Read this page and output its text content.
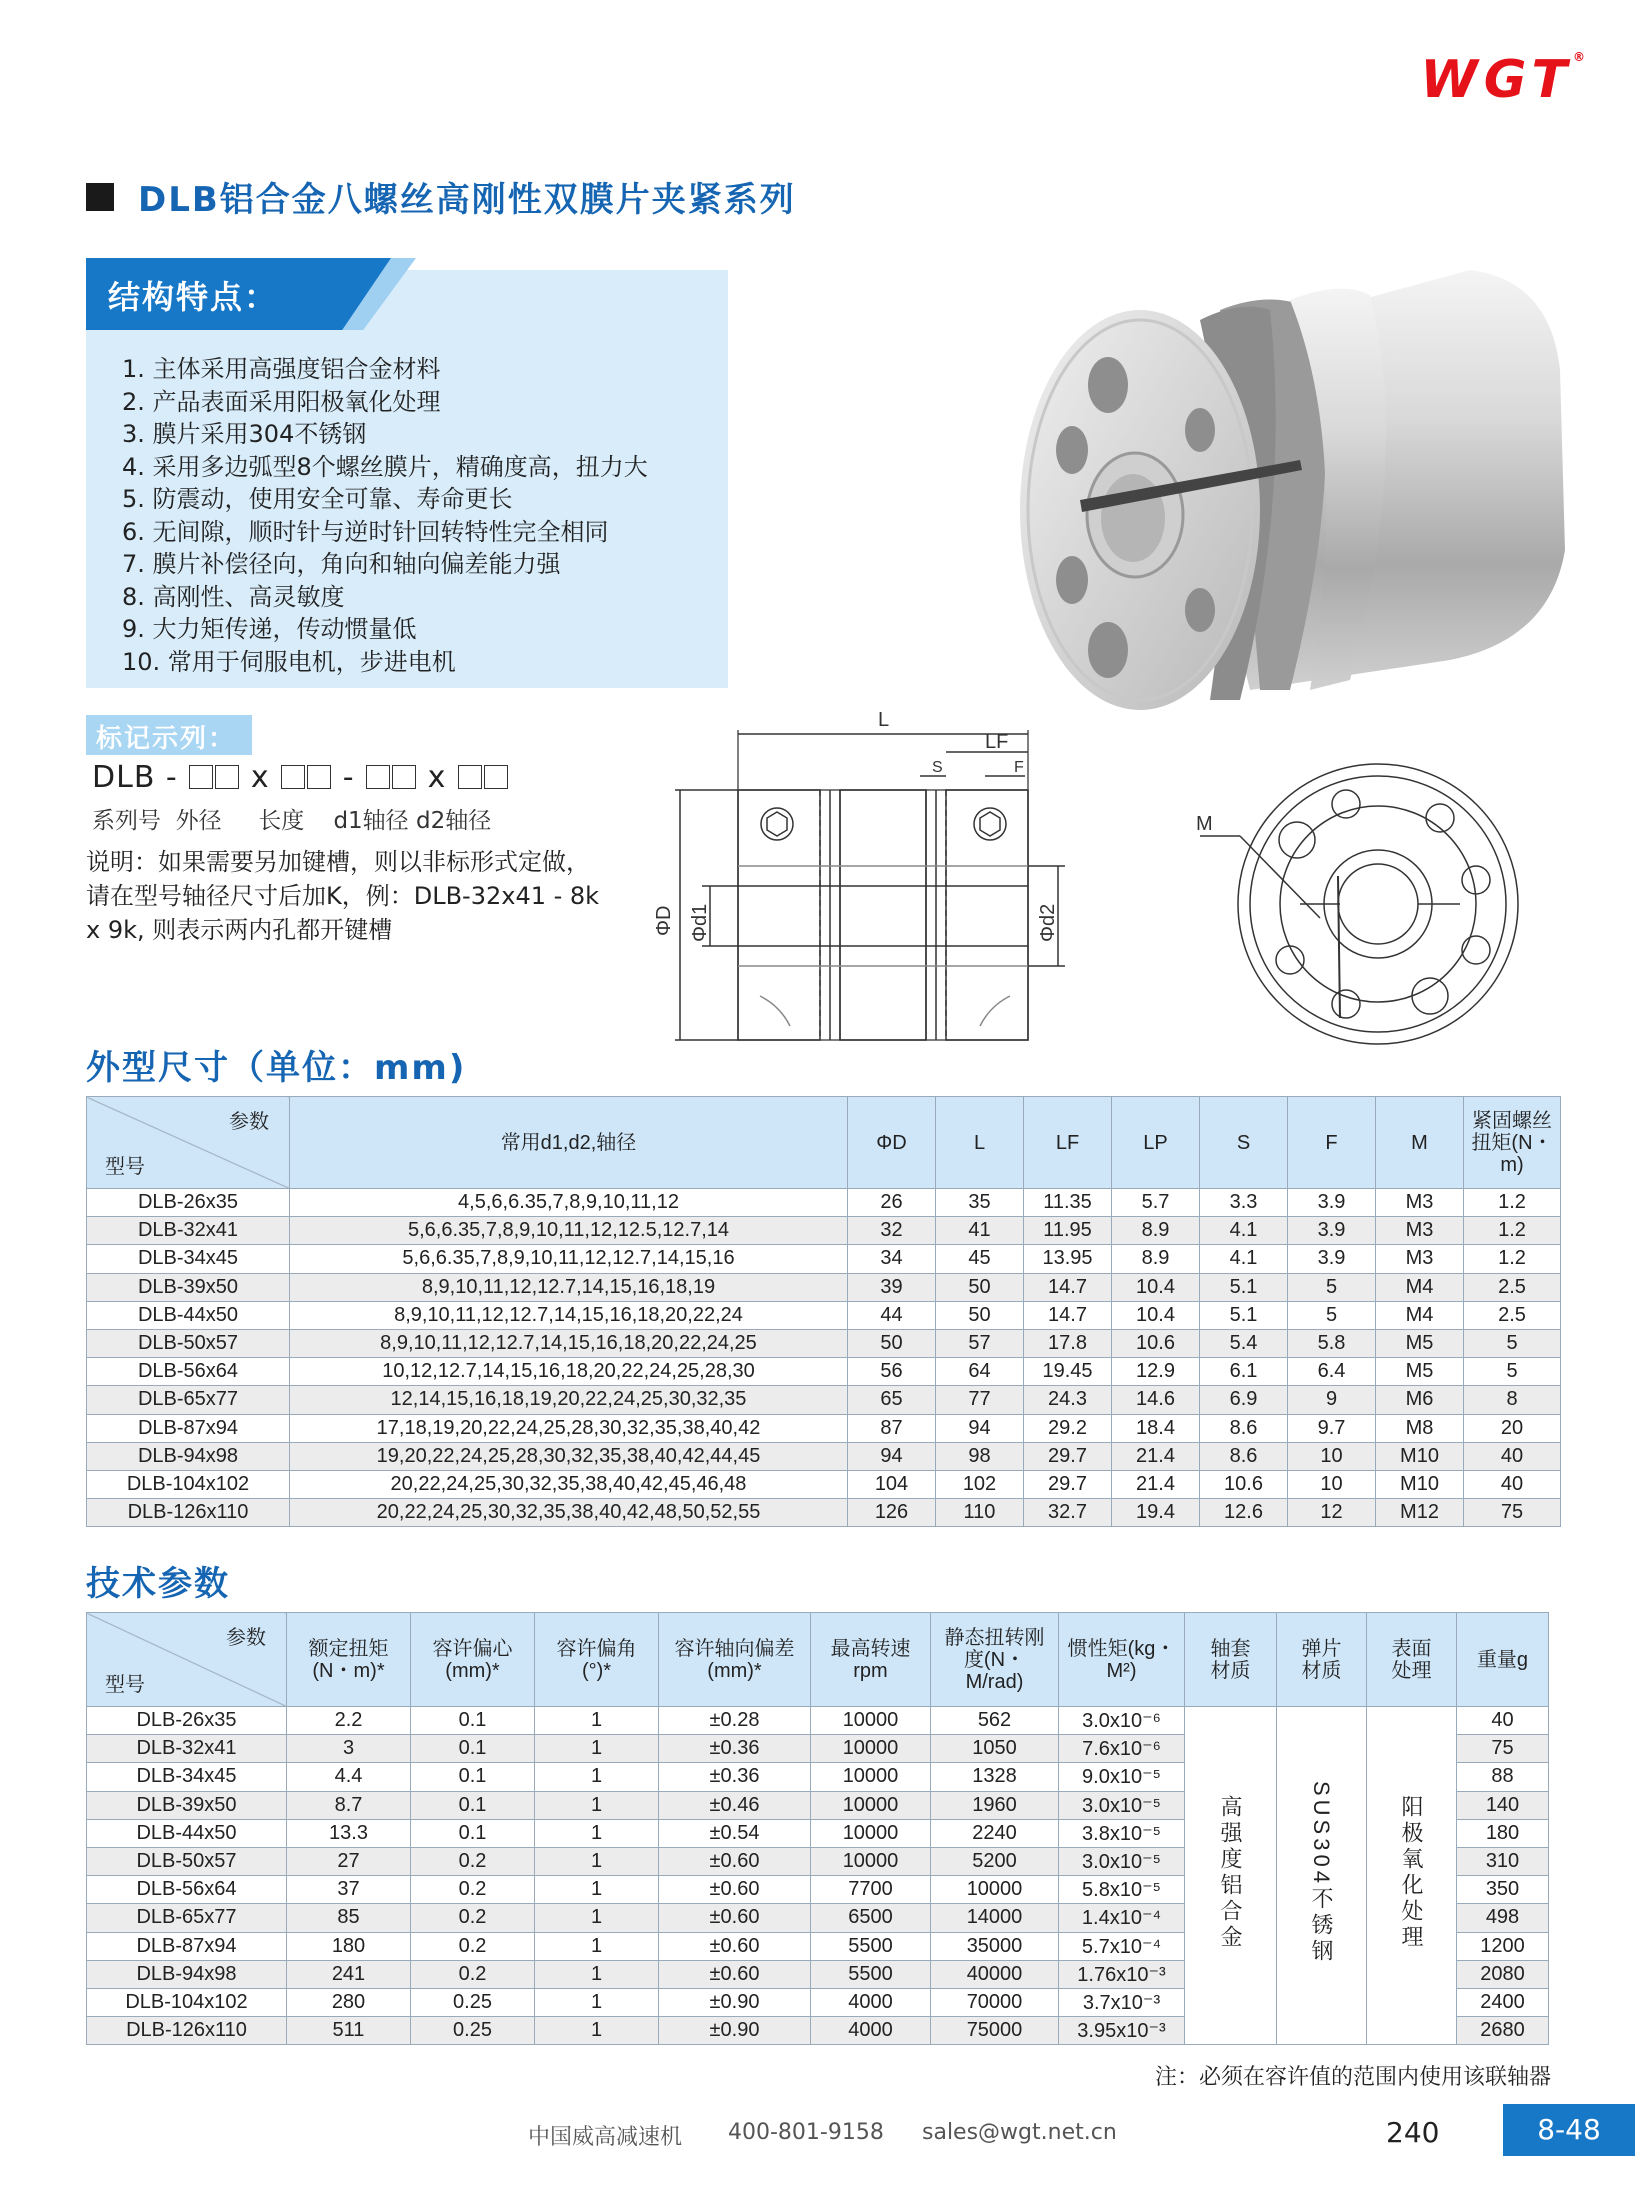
WGT®
DLB铝合金八螺丝高刚性双膜片夹紧系列
结构特点：
1. 主体采用高强度铝合金材料
2. 产品表面采用阳极氧化处理
3. 膜片采用304不锈钢
4. 采用多边弧型8个螺丝膜片，精确度高，扭力大
5. 防震动，使用安全可靠、寿命更长
6. 无间隙，顺时针与逆时针回转特性完全相同
7. 膜片补偿径向，角向和轴向偏差能力强
8. 高刚性、高灵敏度
9. 大力矩传递，传动惯量低
10. 常用于伺服电机，步进电机
标记示列：
DLB - x - x
系列号 外径 长度 d1轴径 d2轴径
说明：如果需要另加键槽，则以非标形式定做，请在型号轴径尺寸后加K，例：DLB-32x41 - 8k x 9k, 则表示两内孔都开键槽
L
LF
S	F
M
ΦD Φd1	Φd2
外型尺寸（单位：mm)
参数
型号	常用d1,d2,轴径	ΦD	L	LF	LP	S	F	M	紧固螺丝扭矩(N・m)
DLB-26x35	4,5,6,6.35,7,8,9,10,11,12	26	35	11.35	5.7	3.3	3.9	M3	1.2
DLB-32x41	5,6,6.35,7,8,9,10,11,12,12.5,12.7,14	32	41	11.95	8.9	4.1	3.9	M3	1.2
DLB-34x45	5,6,6.35,7,8,9,10,11,12,12.7,14,15,16	34	45	13.95	8.9	4.1	3.9	M3	1.2
DLB-39x50	8,9,10,11,12,12.7,14,15,16,18,19	39	50	14.7	10.4	5.1	5	M4	2.5
DLB-44x50	8,9,10,11,12,12.7,14,15,16,18,20,22,24	44	50	14.7	10.4	5.1	5	M4	2.5
DLB-50x57	8,9,10,11,12,12.7,14,15,16,18,20,22,24,25	50	57	17.8	10.6	5.4	5.8	M5	5
DLB-56x64	10,12,12.7,14,15,16,18,20,22,24,25,28,30	56	64	19.45	12.9	6.1	6.4	M5	5
DLB-65x77	12,14,15,16,18,19,20,22,24,25,30,32,35	65	77	24.3	14.6	6.9	9	M6	8
DLB-87x94	17,18,19,20,22,24,25,28,30,32,35,38,40,42	87	94	29.2	18.4	8.6	9.7	M8	20
DLB-94x98	19,20,22,24,25,28,30,32,35,38,40,42,44,45	94	98	29.7	21.4	8.6	10	M10	40
DLB-104x102	20,22,24,25,30,32,35,38,40,42,45,46,48	104	102	29.7	21.4	10.6	10	M10	40
DLB-126x110	20,22,24,25,30,32,35,38,40,42,48,50,52,55	126	110	32.7	19.4	12.6	12	M12	75
技术参数
参数
型号	额定扭矩(N・m)*	容许偏心(mm)*	容许偏角(°)*	容许轴向偏差(mm)*	最高转速rpm	静态扭转刚度(N・M/rad)	惯性矩(kg・M²)	轴套材质	弹片材质	表面处理	重量g
DLB-26x35	2.2	0.1	1	±0.28	10000	562	3.0x10⁻⁶	高强度铝合金	SUS304不锈钢	阳极氧化处理	40
DLB-32x41	3	0.1	1	±0.36	10000	1050	7.6x10⁻⁶				75
DLB-34x45	4.4	0.1	1	±0.36	10000	1328	9.0x10⁻⁵				88
DLB-39x50	8.7	0.1	1	±0.46	10000	1960	3.0x10⁻⁵				140
DLB-44x50	13.3	0.1	1	±0.54	10000	2240	3.8x10⁻⁵				180
DLB-50x57	27	0.2	1	±0.60	10000	5200	3.0x10⁻⁵				310
DLB-56x64	37	0.2	1	±0.60	7700	10000	5.8x10⁻⁵				350
DLB-65x77	85	0.2	1	±0.60	6500	14000	1.4x10⁻⁴				498
DLB-87x94	180	0.2	1	±0.60	5500	35000	5.7x10⁻⁴				1200
DLB-94x98	241	0.2	1	±0.60	5500	40000	1.76x10⁻³				2080
DLB-104x102	280	0.25	1	±0.90	4000	70000	3.7x10⁻³				2400
DLB-126x110	511	0.25	1	±0.90	4000	75000	3.95x10⁻³				2680
注：必须在容许值的范围内使用该联轴器
中国威高减速机 400-801-9158 sales@wgt.net.cn	240	8-48
